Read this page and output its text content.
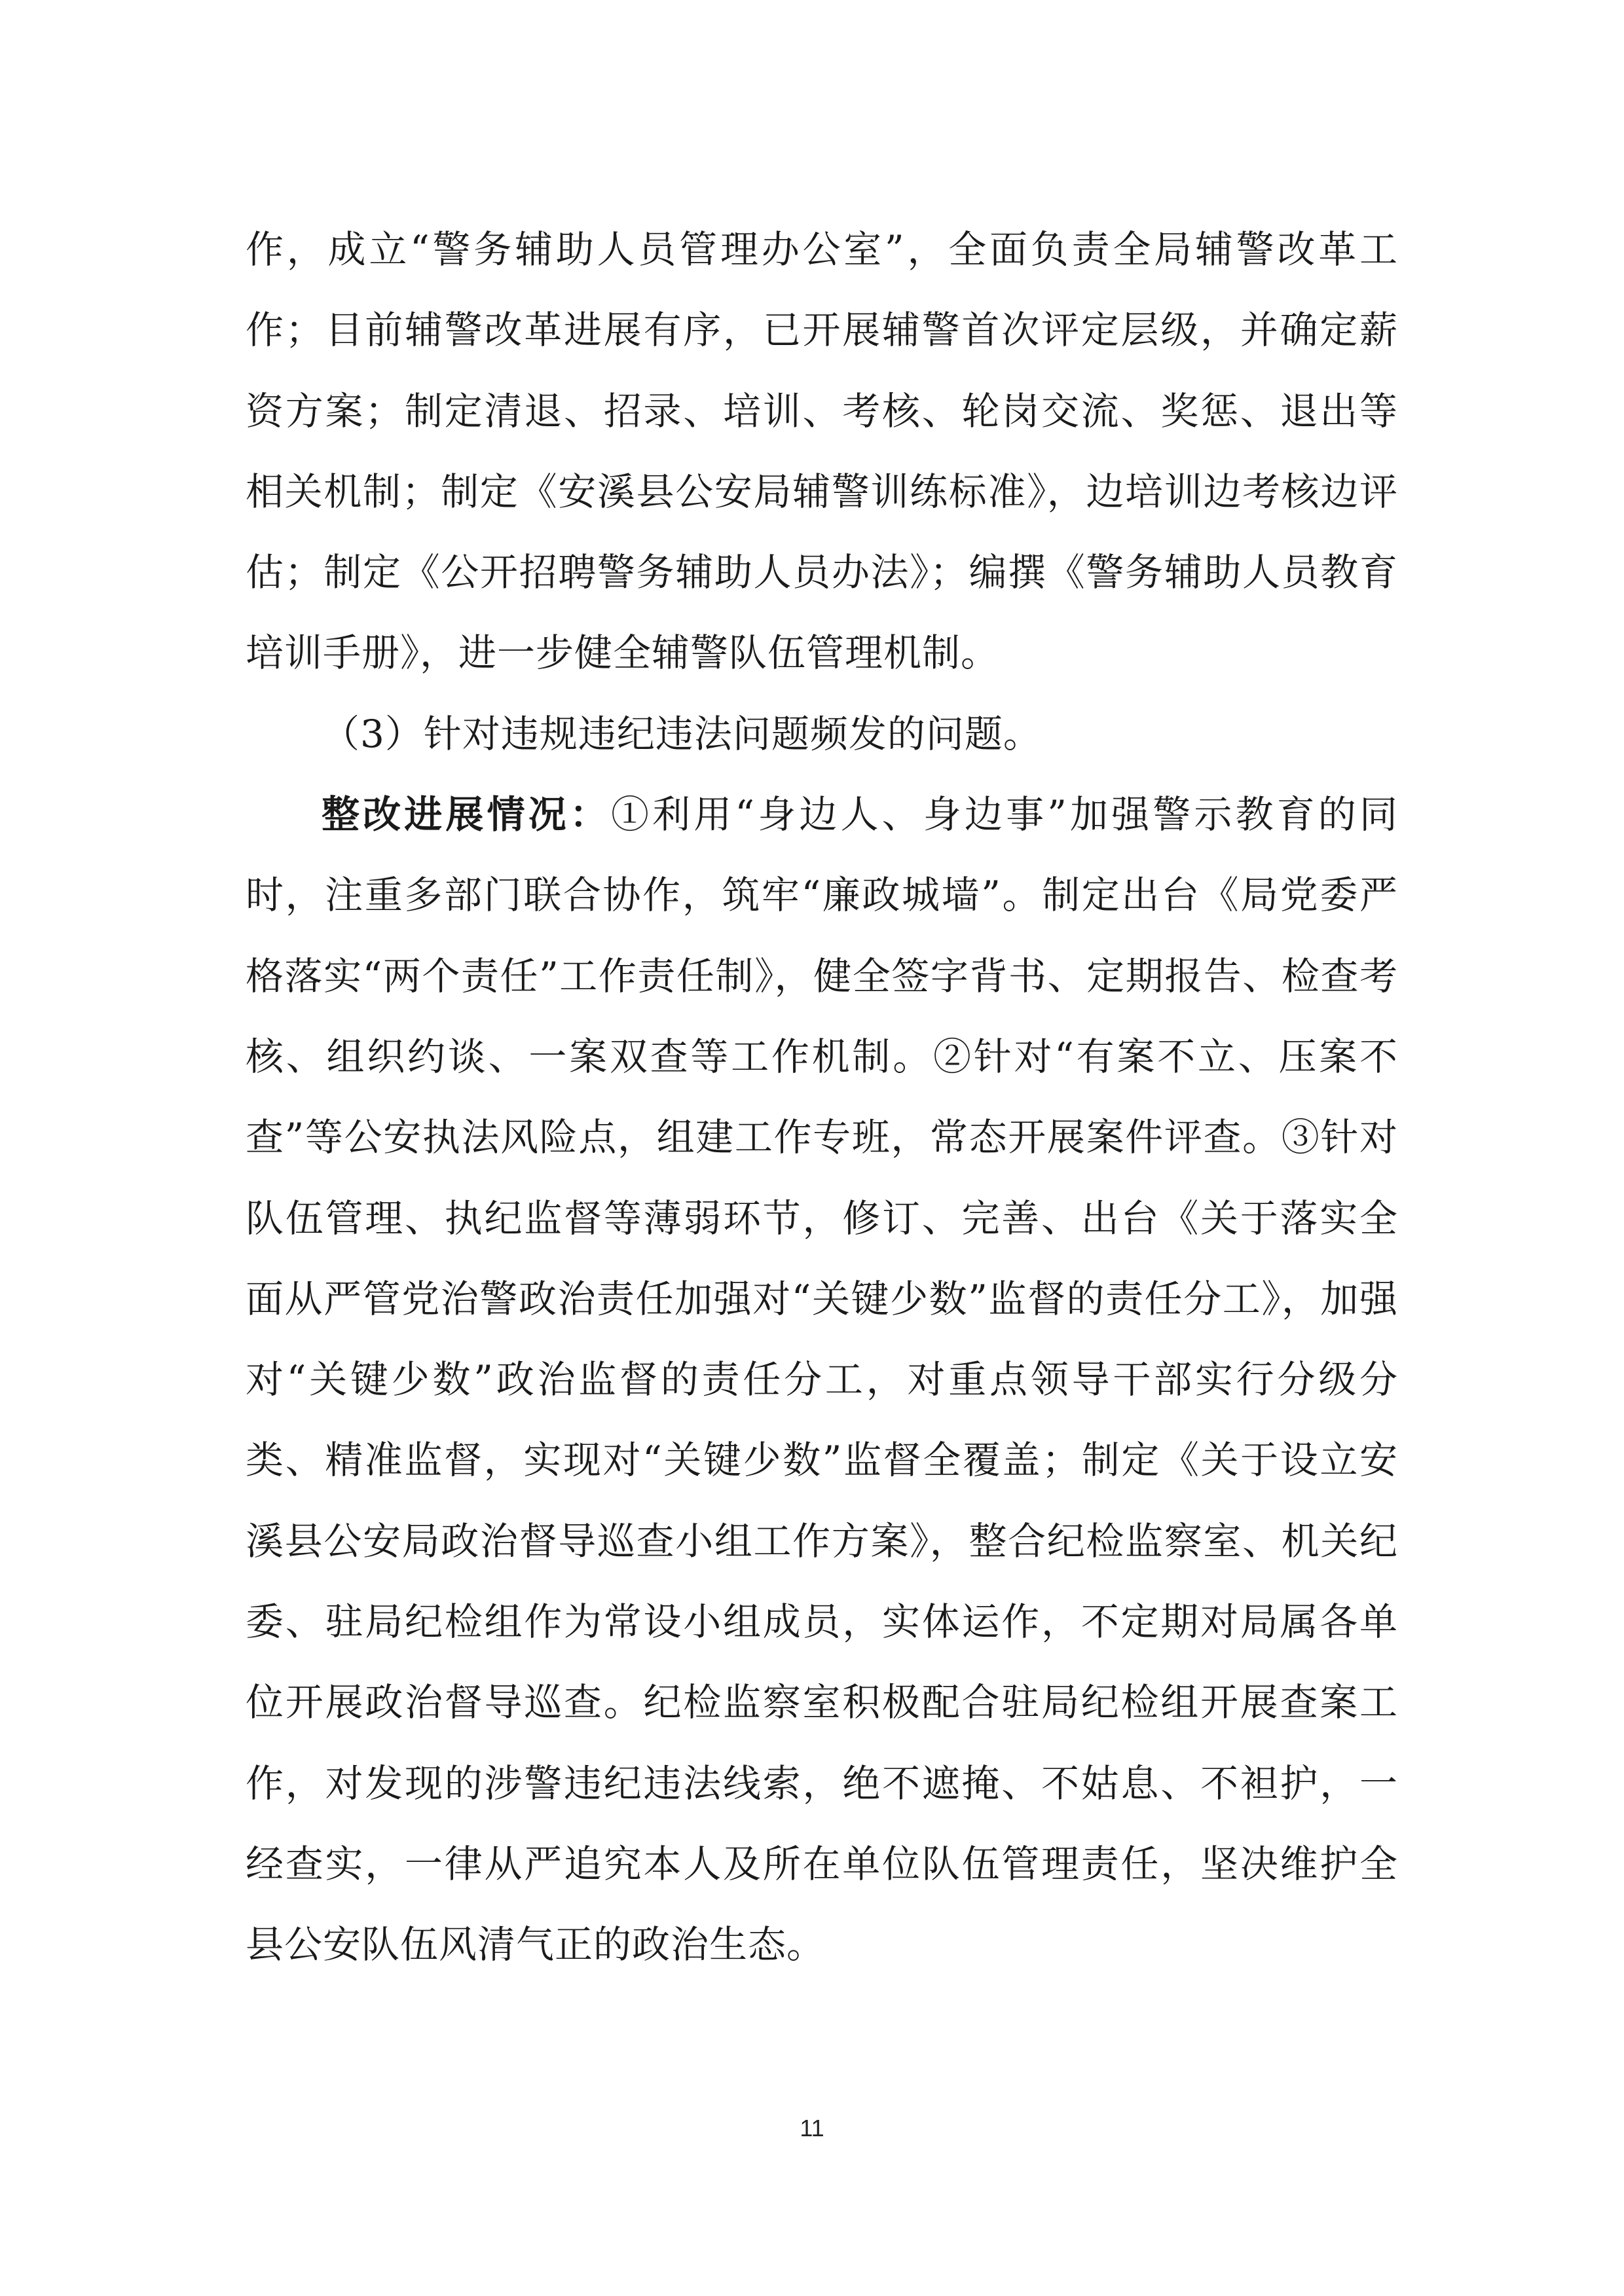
作，成立“警务辅助人员管理办公室”，全面负责全局辅警改革工作；目前辅警改革进展有序，已开展辅警首次评定层级，并确定薪资方案；制定清退、招录、培训、考核、轮岗交流、奖惩、退出等相关机制；制定《安溪县公安局辅警训练标准》，边培训边考核边评估；制定《公开招聘警务辅助人员办法》；编撰《警务辅助人员教育培训手册》，进一步健全辅警队伍管理机制。

（3）针对违规违纪违法问题频发的问题。

整改进展情况：①利用“身边人、身边事”加强警示教育的同时，注重多部门联合协作，筑牢“廉政城墙”。制定出台《局党委严格落实“两个责任”工作责任制》，健全签字背书、定期报告、检查考核、组织约谈、一案双查等工作机制。②针对“有案不立、压案不查”等公安执法风险点，组建工作专班，常态开展案件评查。③针对队伍管理、执纪监督等薄弱环节，修订、完善、出台《关于落实全面从严管党治警政治责任加强对“关键少数”监督的责任分工》，加强对“关键少数”政治监督的责任分工，对重点领导干部实行分级分类、精准监督，实现对“关键少数”监督全覆盖；制定《关于设立安溪县公安局政治督导巡查小组工作方案》，整合纪检监察室、机关纪委、驻局纪检组作为常设小组成员，实体运作，不定期对局属各单位开展政治督导巡查。纪检监察室积极配合驻局纪检组开展查案工作，对发现的涉警违纪违法线索，绝不遮掩、不姑息、不袒护，一经查实，一律从严追究本人及所在单位队伍管理责任，坚决维护全县公安队伍风清气正的政治生态。

11
